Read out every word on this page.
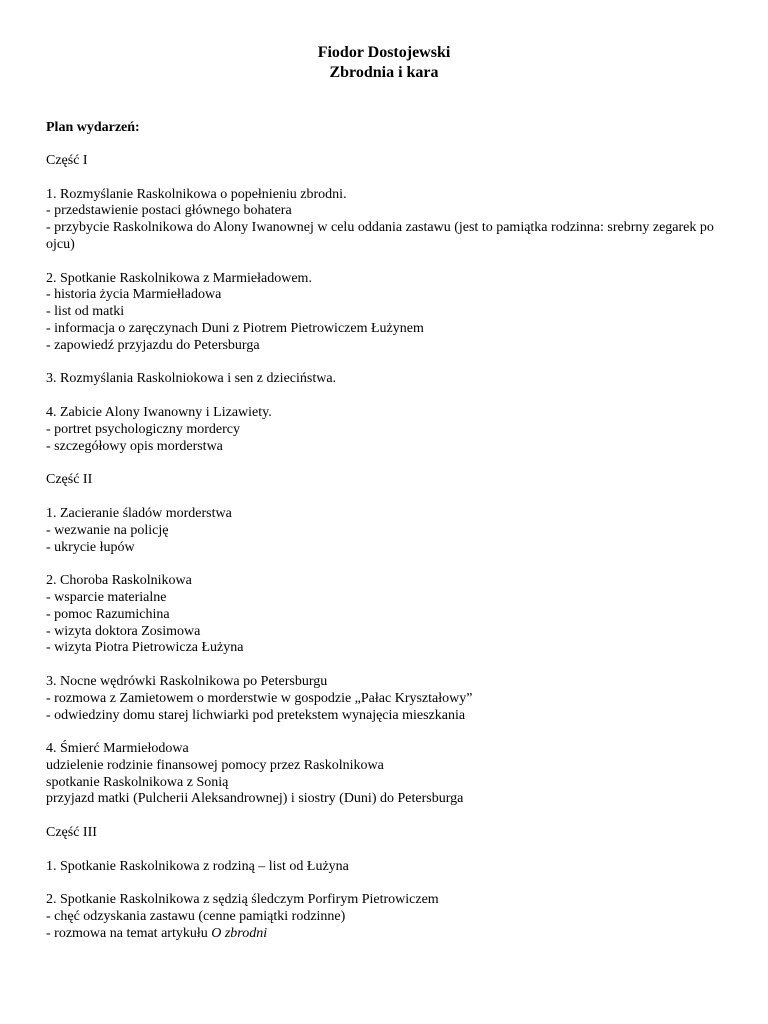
Fiodor Dostojewski
Zbrodnia i kara
Plan wydarzeń:
Część I
1. Rozmyślanie Raskolnikowa o popełnieniu zbrodni.
- przedstawienie postaci głównego bohatera
- przybycie Raskolnikowa do Alony Iwanownej w celu oddania zastawu (jest to pamiątka rodzinna: srebrny zegarek po ojcu)
2. Spotkanie Raskolnikowa z Marmieładowem.
- historia życia Marmiełladowa
- list od matki
- informacja o zaręczynach Duni z Piotrem Pietrowiczem Łużynem
- zapowiedź przyjazdu do Petersburga
3. Rozmyślania Raskolniokowa i sen z dzieciństwa.
4. Zabicie Alony Iwanowny i Lizawiety.
- portret psychologiczny mordercy
- szczegółowy opis morderstwa
Część II
1. Zacieranie śladów morderstwa
- wezwanie na policję
- ukrycie łupów
2. Choroba Raskolnikowa
- wsparcie materialne
- pomoc Razumichina
- wizyta doktora Zosimowa
- wizyta Piotra Pietrowicza Łużyna
3. Nocne wędrówki Raskolnikowa po Petersburgu
- rozmowa z Zamietowem o morderstwie w gospodzie „Pałac Kryształowy”
- odwiedziny domu starej lichwiarki pod pretekstem wynajęcia mieszkania
4. Śmierć Marmiełodowa
udzielenie rodzinie finansowej pomocy przez Raskolnikowa
spotkanie Raskolnikowa z Sonią
przyjazd matki (Pulcherii Aleksandrownej) i siostry (Duni) do Petersburga
Część III
1. Spotkanie Raskolnikowa z rodziną – list od Łużyna
2. Spotkanie Raskolnikowa z sędzią śledczym Porfirym Pietrowiczem
- chęć odzyskania zastawu (cenne pamiątki rodzinne)
- rozmowa na temat artykułu O zbrodni
